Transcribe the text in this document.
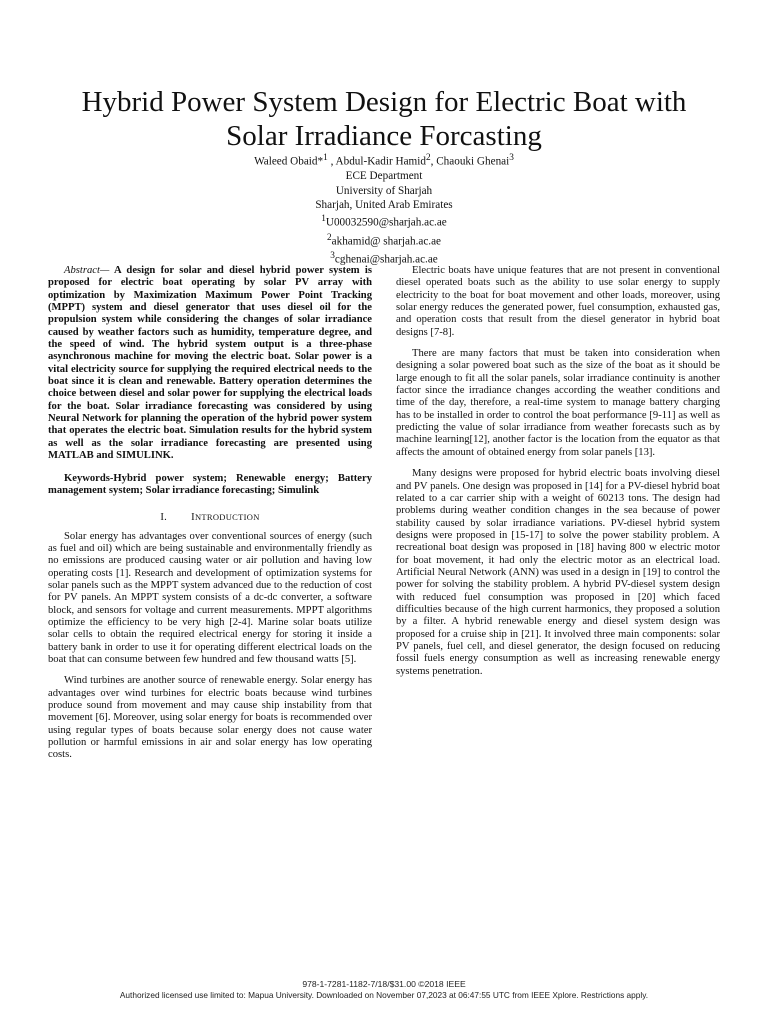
Hybrid Power System Design for Electric Boat with
Solar Irradiance Forcasting
Waleed Obaid*$^1$ , Abdul-Kadir Hamid$^2$, Chaouki Ghenai$^3$
ECE Department
University of Sharjah
Sharjah, United Arab Emirates
$^1$U00032590@sharjah.ac.ae
$^2$akhamid@ sharjah.ac.ae
$^3$cghenai@sharjah.ac.ae

Abstract— A design for solar and diesel hybrid power system is proposed for electric boat operating by solar PV array with optimization by Maximization Maximum Power Point Tracking (MPPT) system and diesel generator that uses diesel oil for the propulsion system while considering the changes of solar irradiance caused by weather factors such as humidity, temperature degree, and the speed of wind. The hybrid system output is a three-phase asynchronous machine for moving the electric boat. Solar power is a vital electricity source for supplying the required electrical needs to the boat since it is clean and renewable. Battery operation determines the choice between diesel and solar power for supplying the electrical loads for the boat. Solar irradiance forecasting was considered by using Neural Network for planning the operation of the hybrid power system that operates the electric boat. Simulation results for the hybrid system as well as the solar irradiance forecasting are presented using MATLAB and SIMULINK.

Keywords-Hybrid power system; Renewable energy; Battery management system; Solar irradiance forecasting; Simulink

I. INTRODUCTION

Solar energy has advantages over conventional sources of energy (such as fuel and oil) which are being sustainable and environmentally friendly as no emissions are produced causing water or air pollution and having low operating costs [1]. Research and development of optimization systems for solar panels such as the MPPT system advanced due to the reduction of cost for PV panels. An MPPT system consists of a dc-dc converter, a software block, and sensors for voltage and current measurements. MPPT algorithms optimize the efficiency to be very high [2-4]. Marine solar boats utilize solar cells to obtain the required electrical energy for storing it inside a battery bank in order to use it for operating different electrical loads on the boat that can consume between few hundred and few thousand watts [5].

Wind turbines are another source of renewable energy. Solar energy has advantages over wind turbines for electric boats because wind turbines produce sound from movement and may cause ship instability from that movement [6]. Moreover, using solar energy for boats is recommended over using regular types of boats because solar energy does not cause water pollution or harmful emissions in air and solar energy has low operating costs.

Electric boats have unique features that are not present in conventional diesel operated boats such as the ability to use solar energy to supply electricity to the boat for boat movement and other loads, moreover, using solar energy reduces the generated power, fuel consumption, exhausted gas, and operation costs that result from the diesel generator in hybrid boat designs [7-8].

There are many factors that must be taken into consideration when designing a solar powered boat such as the size of the boat as it should be large enough to fit all the solar panels, solar irradiance continuity is another factor since the irradiance changes according the weather conditions and time of the day, therefore, a real-time system to manage battery charging has to be installed in order to control the boat performance [9-11] as well as predicting the value of solar irradiance from weather forecasts such as by machine learning[12], another factor is the location from the equator as that affects the amount of obtained energy from solar panels [13].

Many designs were proposed for hybrid electric boats involving diesel and PV panels. One design was proposed in [14] for a PV-diesel hybrid boat related to a car carrier ship with a weight of 60213 tons. The design had problems during weather condition changes in the sea because of power stability caused by solar irradiance variations. PV-diesel hybrid system designs were proposed in [15-17] to solve the power stability problem. A recreational boat design was proposed in [18] having 800 w electric motor for boat movement, it had only the electric motor as an electrical load. Artificial Neural Network (ANN) was used in a design in [19] to control the power for solving the stability problem. A hybrid PV-diesel system design with reduced fuel consumption was proposed in [20] which faced difficulties because of the high current harmonics, they proposed a solution by a filter. A hybrid renewable energy and diesel system design was proposed for a cruise ship in [21]. It involved three main components: solar PV panels, fuel cell, and diesel generator, the design focused on reducing fossil fuels energy consumption as well as increasing renewable energy systems penetration.

978-1-7281-1182-7/18/$31.00 ©2018 IEEE
Authorized licensed use limited to: Mapua University. Downloaded on November 07,2023 at 06:47:55 UTC from IEEE Xplore. Restrictions apply.
